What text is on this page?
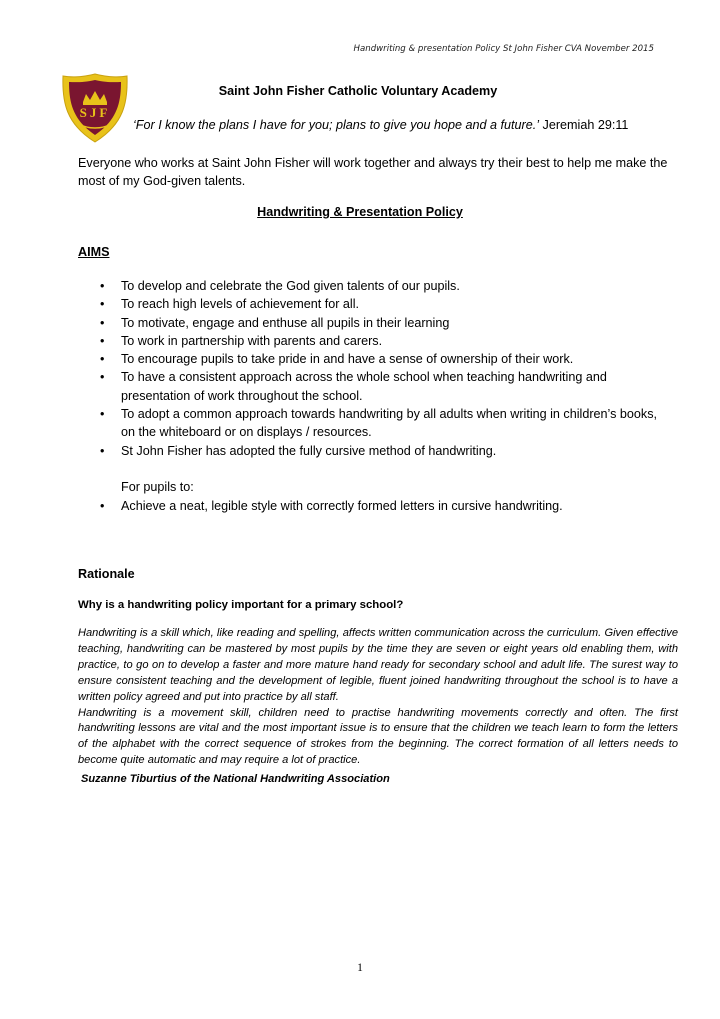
Handwriting & presentation Policy St John Fisher CVA November 2015
SJF
Saint John Fisher Catholic Voluntary Academy
‘For I know the plans I have for you; plans to give you hope and a future.’ Jeremiah 29:11
Everyone who works at Saint John Fisher will work together and always try their best to help me make the most of my God-given talents.
Handwriting & Presentation Policy
AIMS
• To develop and celebrate the God given talents of our pupils.
• To reach high levels of achievement for all.
• To motivate, engage and enthuse all pupils in their learning
• To work in partnership with parents and carers.
• To encourage pupils to take pride in and have a sense of ownership of their work.
• To have a consistent approach across the whole school when teaching handwriting and presentation of work throughout the school.
• To adopt a common approach towards handwriting by all adults when writing in children’s books, on the whiteboard or on displays / resources.
• St John Fisher has adopted the fully cursive method of handwriting.
For pupils to:
• Achieve a neat, legible style with correctly formed letters in cursive handwriting.
Rationale
Why is a handwriting policy important for a primary school?

Handwriting is a skill which, like reading and spelling, affects written communication across the curriculum. Given effective teaching, handwriting can be mastered by most pupils by the time they are seven or eight years old enabling them, with practice, to go on to develop a faster and more mature hand ready for secondary school and adult life. The surest way to ensure consistent teaching and the development of legible, fluent joined handwriting throughout the school is to have a written policy agreed and put into practice by all staff.

Handwriting is a movement skill, children need to practise handwriting movements correctly and often. The first handwriting lessons are vital and the most important issue is to ensure that the children we teach learn to form the letters of the alphabet with the correct sequence of strokes from the beginning. The correct formation of all letters needs to become quite automatic and may require a lot of practice.

Suzanne Tiburtius of the National Handwriting Association
1
